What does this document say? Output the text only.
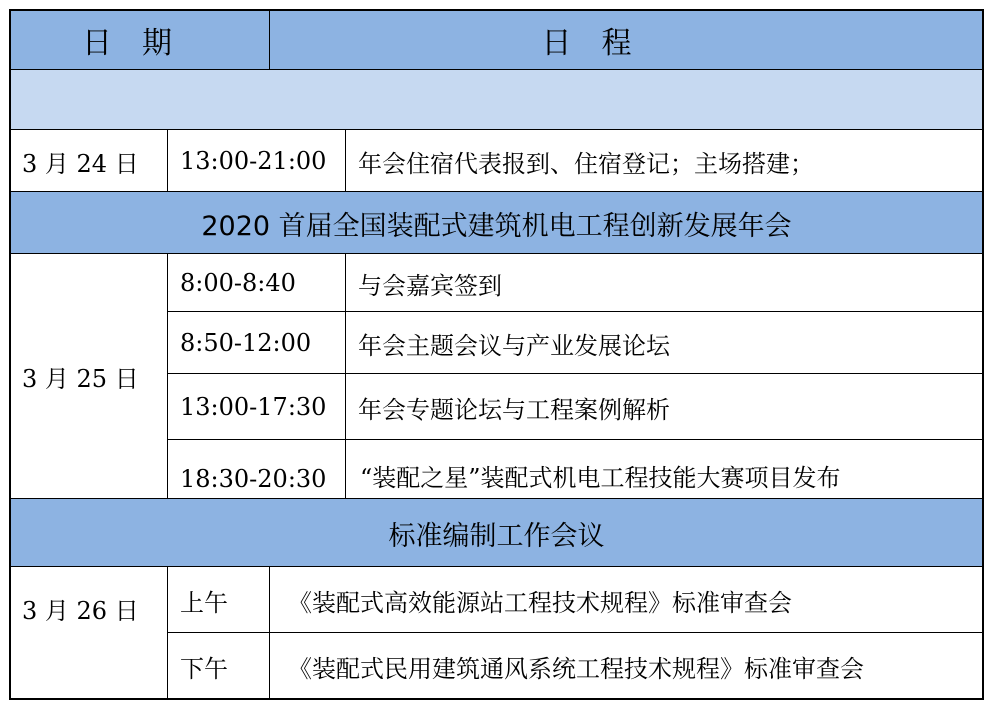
日　期	日　程
3 月 24 日 13:00-21:00 年会住宿代表报到、住宿登记；主场搭建；
2020 首届全国装配式建筑机电工程创新发展年会
3 月 25 日
8:00-8:40	与会嘉宾签到
8:50-12:00 年会主题会议与产业发展论坛
13:00-17:30 年会专题论坛与工程案例解析
18:30-20:30 “装配之星”装配式机电工程技能大赛项目发布
标准编制工作会议
3 月 26 日 上午	《装配式高效能源站工程技术规程》标准审查会
下午	《装配式民用建筑通风系统工程技术规程》标准审查会
